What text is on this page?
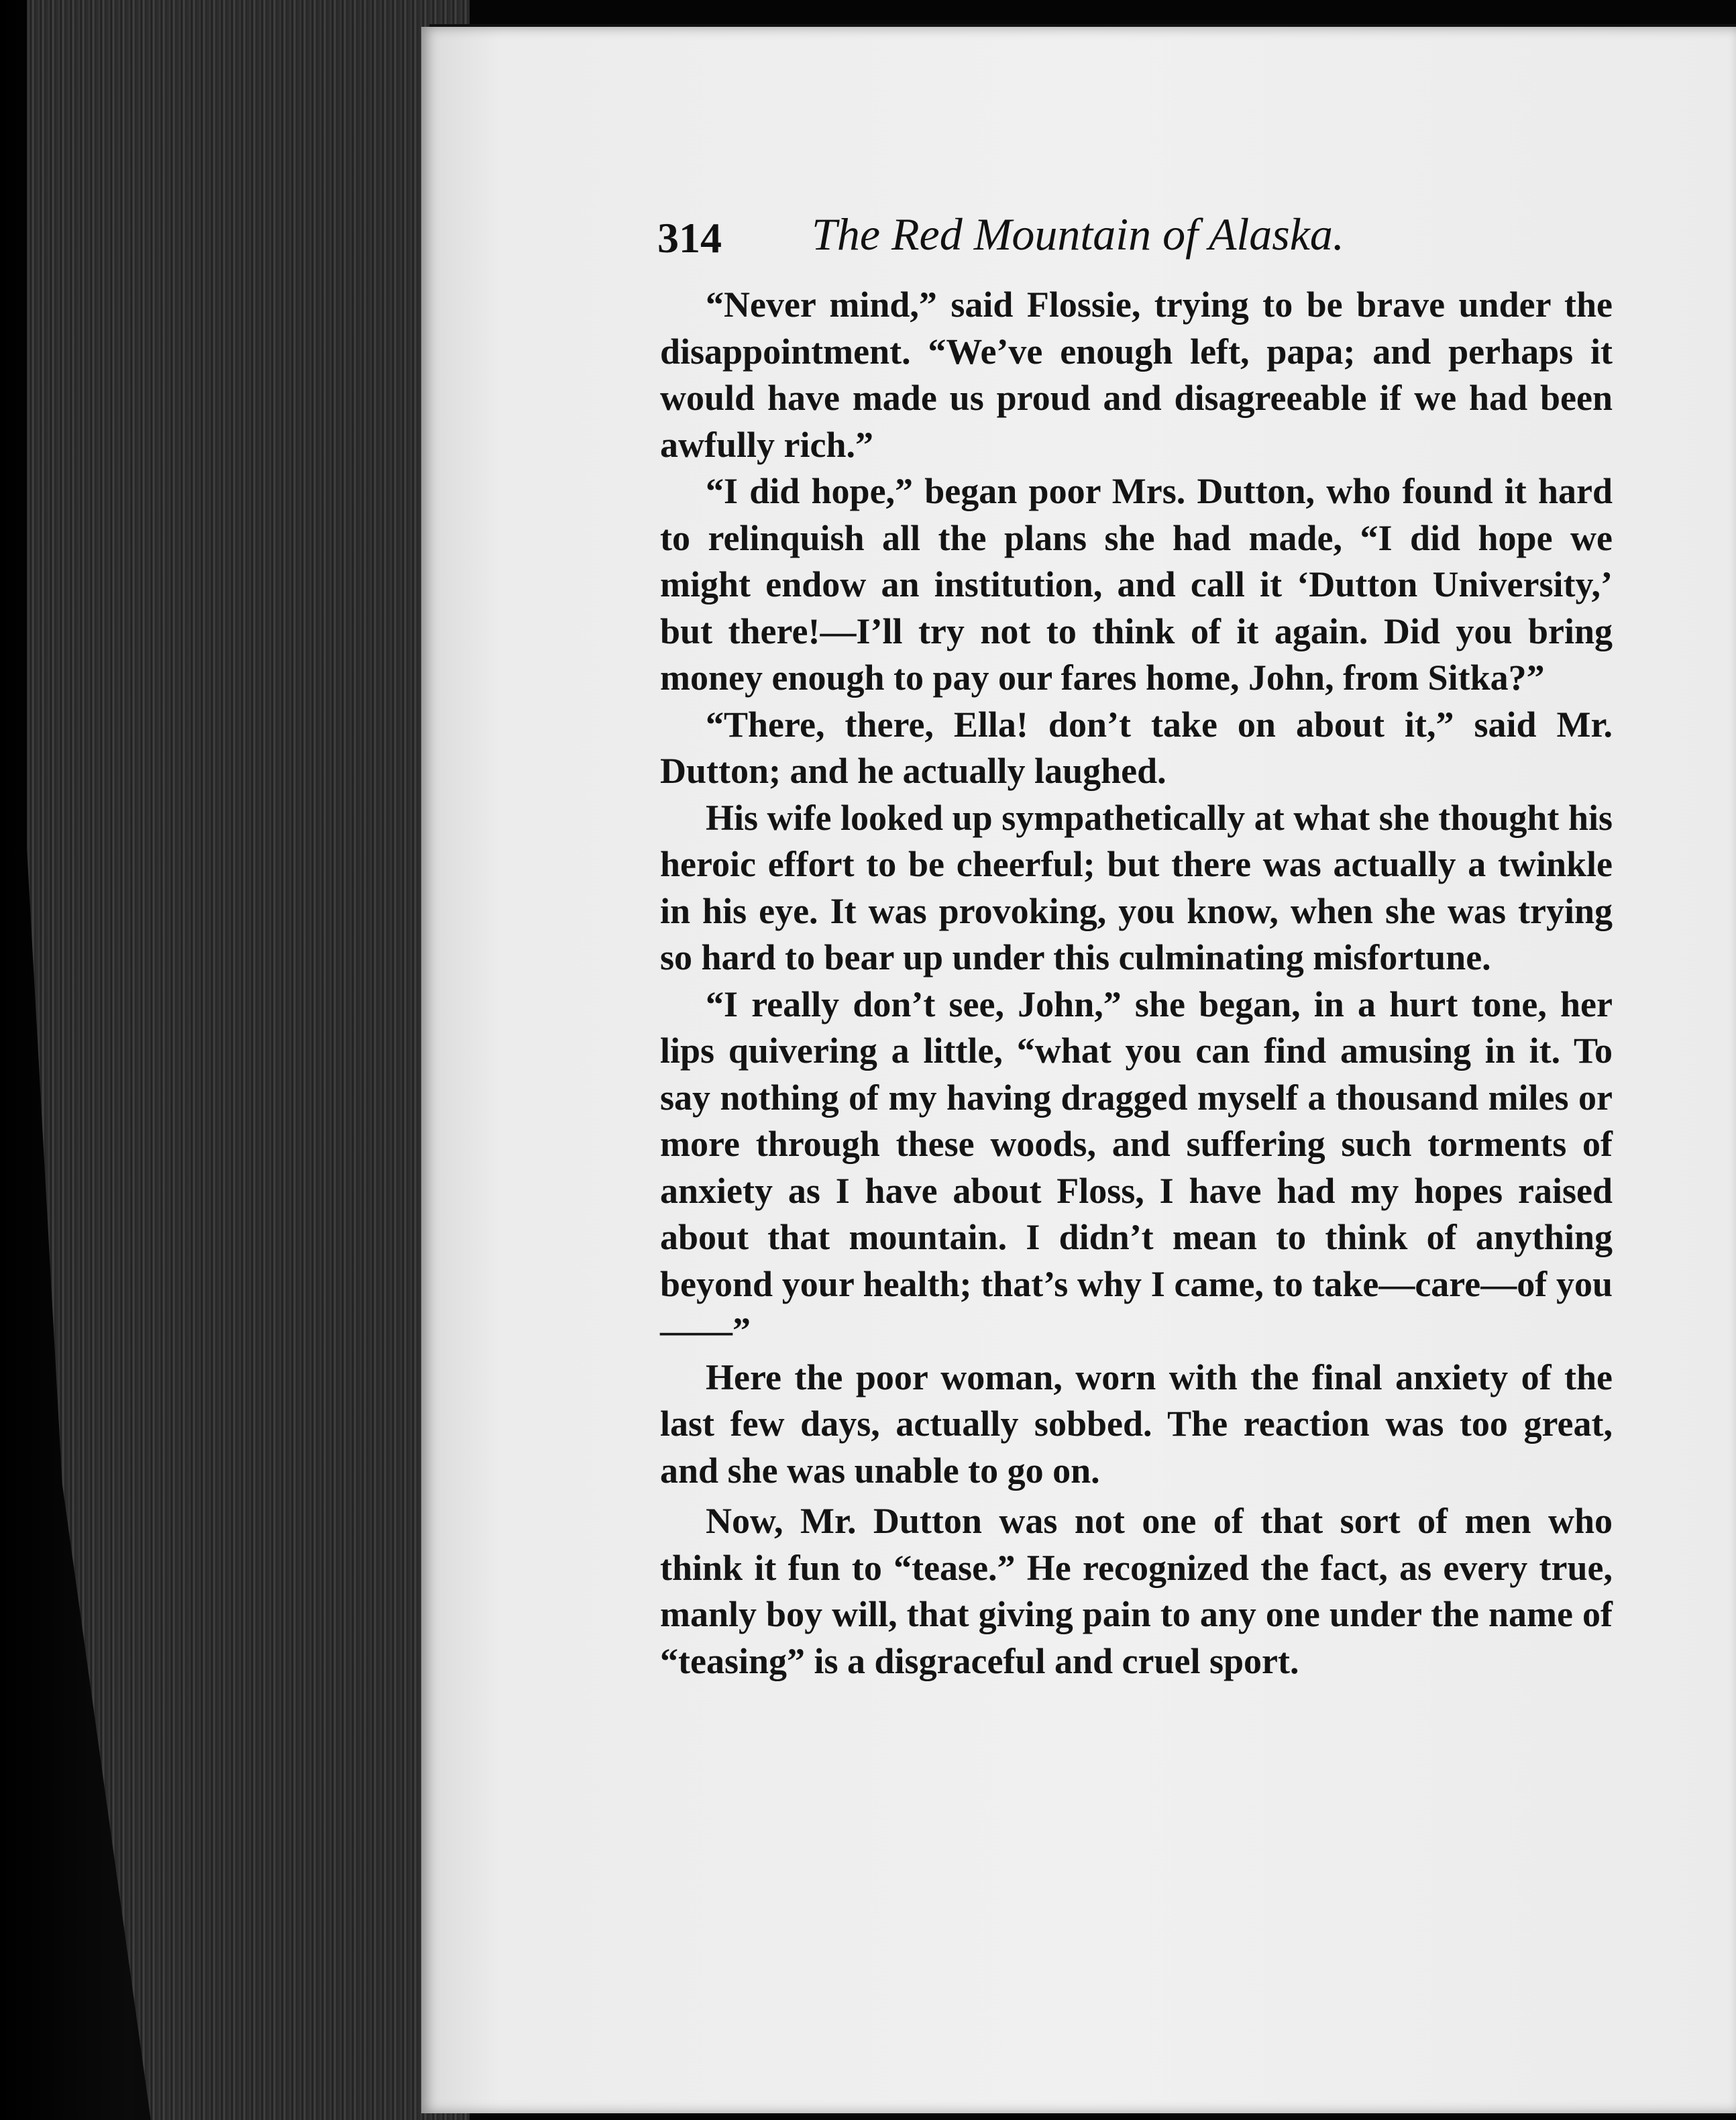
314 The Red Mountain of Alaska.

“Never mind,” said Flossie, trying to be brave under the disappointment. “We’ve enough left, papa; and perhaps it would have made us proud and disagreeable if we had been awfully rich.”

“I did hope,” began poor Mrs. Dutton, who found it hard to relinquish all the plans she had made, “I did hope we might endow an institution, and call it ‘Dutton University,’ but there!—I’ll try not to think of it again. Did you bring money enough to pay our fares home, John, from Sitka?”

“There, there, Ella! don’t take on about it,” said Mr. Dutton; and he actually laughed.

His wife looked up sympathetically at what she thought his heroic effort to be cheerful; but there was actually a twinkle in his eye. It was provoking, you know, when she was trying so hard to bear up under this culminating misfortune.

“I really don’t see, John,” she began, in a hurt tone, her lips quivering a little, “what you can find amusing in it. To say nothing of my having dragged myself a thousand miles or more through these woods, and suffering such torments of anxiety as I have about Floss, I have had my hopes raised about that mountain. I didn’t mean to think of anything beyond your health; that’s why I came, to take—care—of you——”

Here the poor woman, worn with the final anxiety of the last few days, actually sobbed. The reaction was too great, and she was unable to go on.

Now, Mr. Dutton was not one of that sort of men who think it fun to “tease.” He recognized the fact, as every true, manly boy will, that giving pain to any one under the name of “teasing” is a disgraceful and cruel sport.
